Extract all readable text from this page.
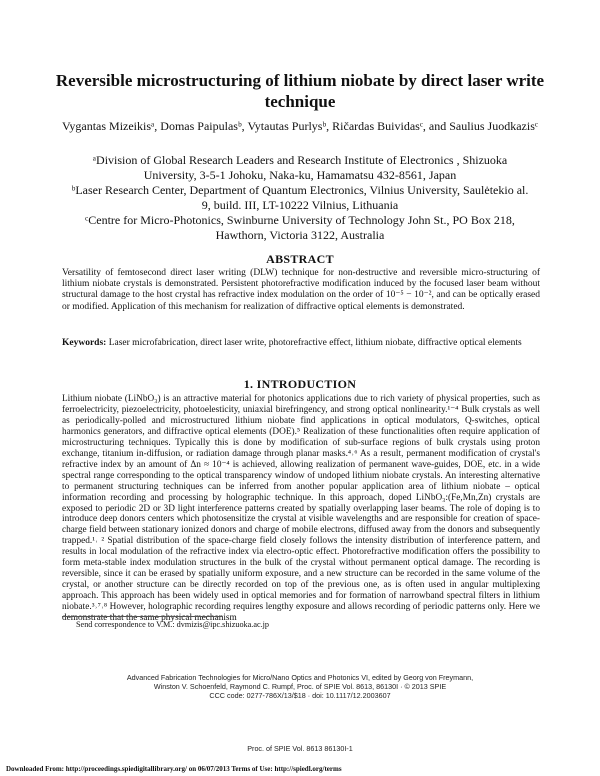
Reversible microstructuring of lithium niobate by direct laser write technique
Vygantas Mizeikisᵃ, Domas Paipulasᵇ, Vytautas Purlysᵇ, Ričardas Buividasᶜ, and Saulius Juodkazisᶜ
ᵃDivision of Global Research Leaders and Research Institute of Electronics , Shizuoka University, 3-5-1 Johoku, Naka-ku, Hamamatsu 432-8561, Japan
ᵇLaser Research Center, Department of Quantum Electronics, Vilnius University, Saulėtekio al. 9, build. III, LT-10222 Vilnius, Lithuania
ᶜCentre for Micro-Photonics, Swinburne University of Technology John St., PO Box 218, Hawthorn, Victoria 3122, Australia
ABSTRACT
Versatility of femtosecond direct laser writing (DLW) technique for non-destructive and reversible micro-structuring of lithium niobate crystals is demonstrated. Persistent photorefractive modification induced by the focused laser beam without structural damage to the host crystal has refractive index modulation on the order of 10⁻⁵ − 10⁻², and can be optically erased or modified. Application of this mechanism for realization of diffractive optical elements is demonstrated.
Keywords: Laser microfabrication, direct laser write, photorefractive effect, lithium niobate, diffractive optical elements
1. INTRODUCTION
Lithium niobate (LiNbO₃) is an attractive material for photonics applications due to rich variety of physical properties, such as ferroelectricity, piezoelectricity, photoelesticity, uniaxial birefringency, and strong optical nonlinearity.¹⁻⁴ Bulk crystals as well as periodically-polled and microstructured lithium niobate find applications in optical modulators, Q-switches, optical harmonics generators, and diffractive optical elements (DOE).⁵ Realization of these functionalities often require application of microstructuring techniques. Typically this is done by modification of sub-surface regions of bulk crystals using proton exchange, titanium in-diffusion, or radiation damage through planar masks.⁴˒⁶ As a result, permanent modification of crystal's refractive index by an amount of Δn ≈ 10⁻⁴ is achieved, allowing realization of permanent wave-guides, DOE, etc. in a wide spectral range corresponding to the optical transparency window of undoped lithium niobate crystals. An interesting alternative to permanent structuring techniques can be inferred from another popular application area of lithium niobate – optical information recording and processing by holographic technique. In this approach, doped LiNbO₃:(Fe,Mn,Zn) crystals are exposed to periodic 2D or 3D light interference patterns created by spatially overlapping laser beams. The role of doping is to introduce deep donors centers which photosensitize the crystal at visible wavelengths and are responsible for creation of space-charge field between stationary ionized donors and charge of mobile electrons, diffused away from the donors and subsequently trapped.¹˒ ² Spatial distribution of the space-charge field closely follows the intensity distribution of interference pattern, and results in local modulation of the refractive index via electro-optic effect. Photorefractive modification offers the possibility to form meta-stable index modulation structures in the bulk of the crystal without permanent optical damage. The recording is reversible, since it can be erased by spatially uniform exposure, and a new structure can be recorded in the same volume of the crystal, or another structure can be directly recorded on top of the previous one, as is often used in angular multiplexing approach. This approach has been widely used in optical memories and for formation of narrowband spectral filters in lithium niobate.³˒⁷˒⁸ However, holographic recording requires lengthy exposure and allows recording of periodic patterns only. Here we demonstrate that the same physical mechanism
Send correspondence to V.M.: dvmizis@ipc.shizuoka.ac.jp
Advanced Fabrication Technologies for Micro/Nano Optics and Photonics VI, edited by Georg von Freymann,
Winston V. Schoenfeld, Raymond C. Rumpf, Proc. of SPIE Vol. 8613, 86130I · © 2013 SPIE
CCC code: 0277-786X/13/$18 · doi: 10.1117/12.2003607
Proc. of SPIE Vol. 8613 86130I-1
Downloaded From: http://proceedings.spiedigitallibrary.org/ on 06/07/2013 Terms of Use: http://spiedl.org/terms
